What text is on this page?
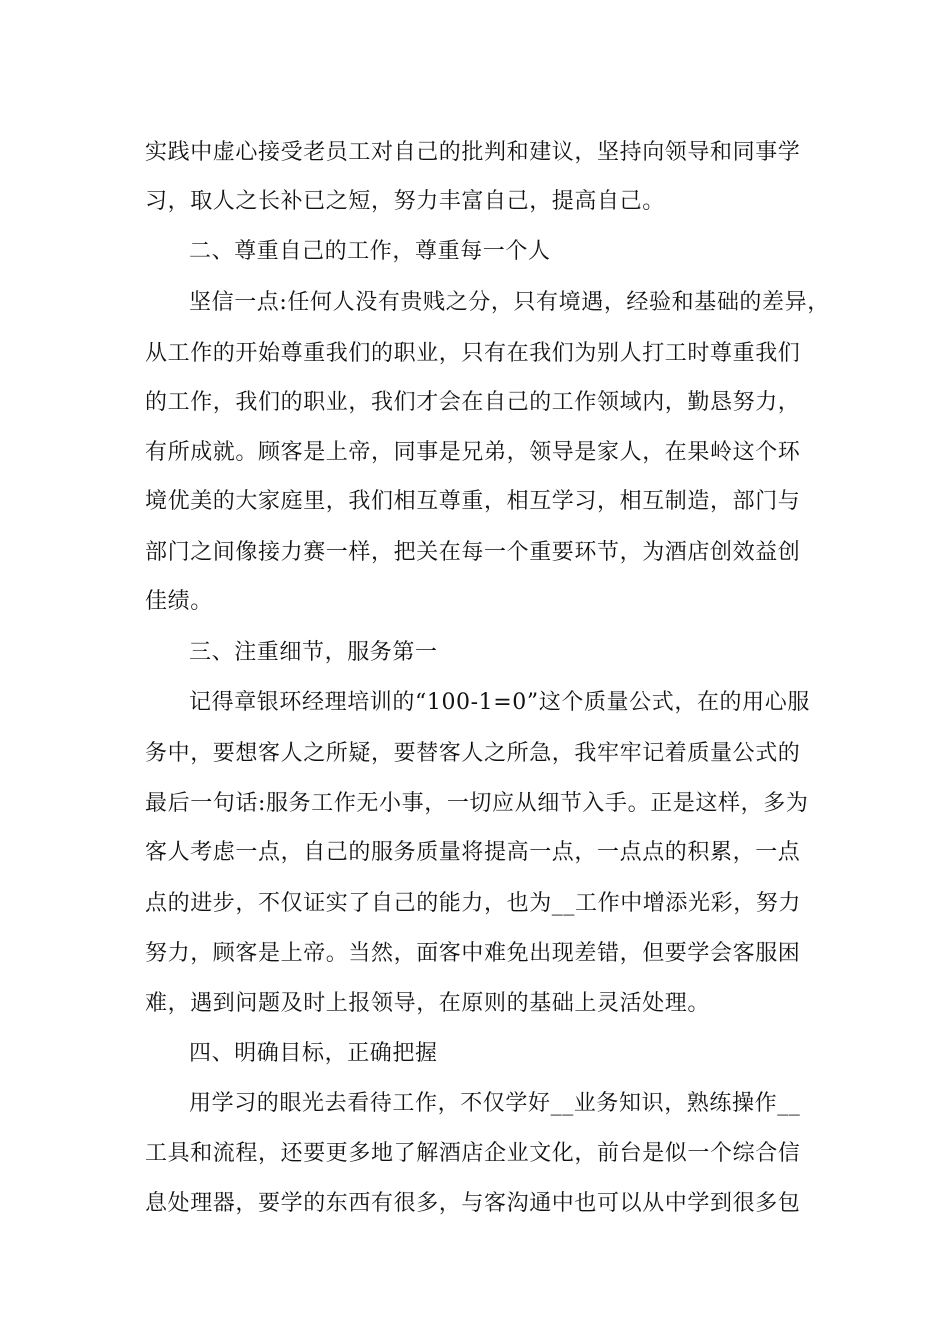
实践中虚心接受老员工对自己的批判和建议，坚持向领导和同事学
习，取人之长补已之短，努力丰富自己，提高自己。
二、尊重自己的工作，尊重每一个人
坚信一点:任何人没有贵贱之分，只有境遇，经验和基础的差异，
从工作的开始尊重我们的职业，只有在我们为别人打工时尊重我们
的工作，我们的职业，我们才会在自己的工作领域内，勤恳努力，
有所成就。顾客是上帝，同事是兄弟，领导是家人，在果岭这个环
境优美的大家庭里，我们相互尊重，相互学习，相互制造，部门与
部门之间像接力赛一样，把关在每一个重要环节，为酒店创效益创
佳绩。
三、注重细节，服务第一
记得章银环经理培训的“100-1=0”这个质量公式，在的用心服
务中，要想客人之所疑，要替客人之所急，我牢牢记着质量公式的
最后一句话:服务工作无小事，一切应从细节入手。正是这样，多为
客人考虑一点，自己的服务质量将提高一点，一点点的积累，一点
点的进步，不仅证实了自己的能力，也为__工作中增添光彩，努力
努力，顾客是上帝。当然，面客中难免出现差错，但要学会客服困
难，遇到问题及时上报领导，在原则的基础上灵活处理。
四、明确目标，正确把握
用学习的眼光去看待工作，不仅学好__业务知识，熟练操作__
工具和流程，还要更多地了解酒店企业文化，前台是似一个综合信
息处理器，要学的东西有很多，与客沟通中也可以从中学到很多包
